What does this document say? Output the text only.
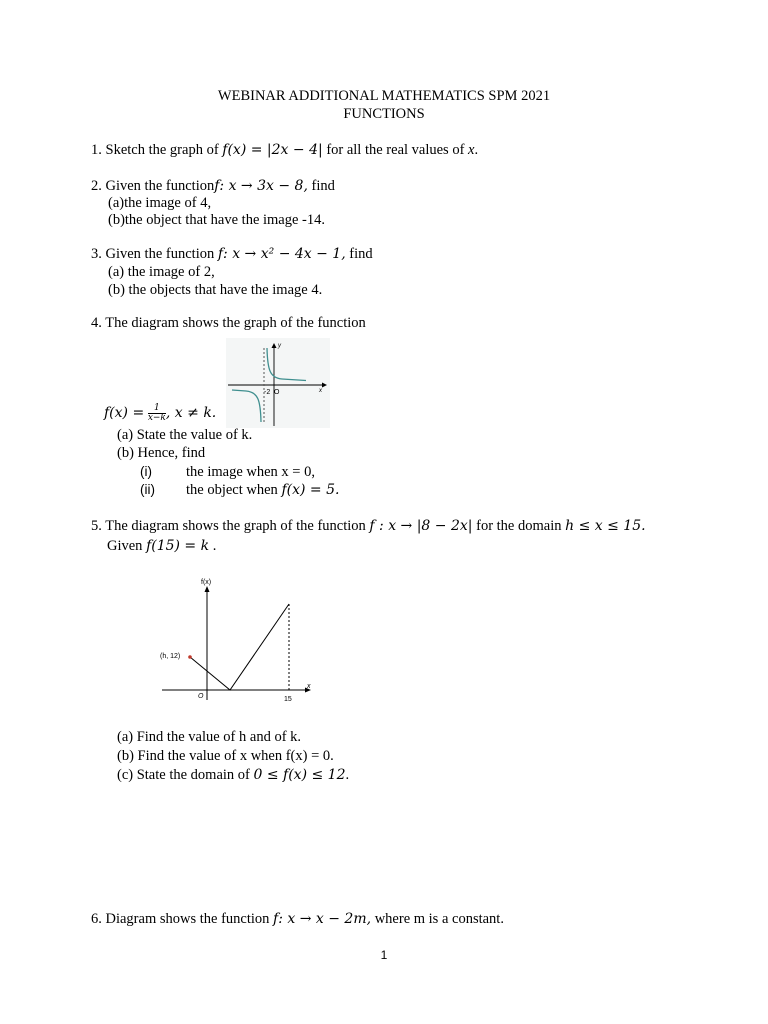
WEBINAR ADDITIONAL MATHEMATICS SPM 2021
FUNCTIONS
1. Sketch the graph of f(x) = |2x − 4| for all the real values of x.
2. Given the functionf: x → 3x − 8, find
(a)the image of 4,
(b)the object that have the image -14.
3. Given the function f: x → x² − 4x − 1, find
(a) the image of 2,
(b) the objects that have the image 4.
4. The diagram shows the graph of the function
y
x
-2 O
$f(x) = \frac{1}{x-k}$ , x ≠ k.
(a) State the value of k.
(b) Hence, find
(i) the image when x = 0,
(ii) the object when f(x) = 5.
5. The diagram shows the graph of the function f : x → |8 − 2x| for the domain h ≤ x ≤ 15.
Given f(15) = k .
f(x)
x
(h, 12)
O	15
(a) Find the value of h and of k.
(b) Find the value of x when f(x) = 0.
(c) State the domain of 0 ≤ f(x) ≤ 12.
6. Diagram shows the function f: x → x − 2m, where m is a constant.
1
